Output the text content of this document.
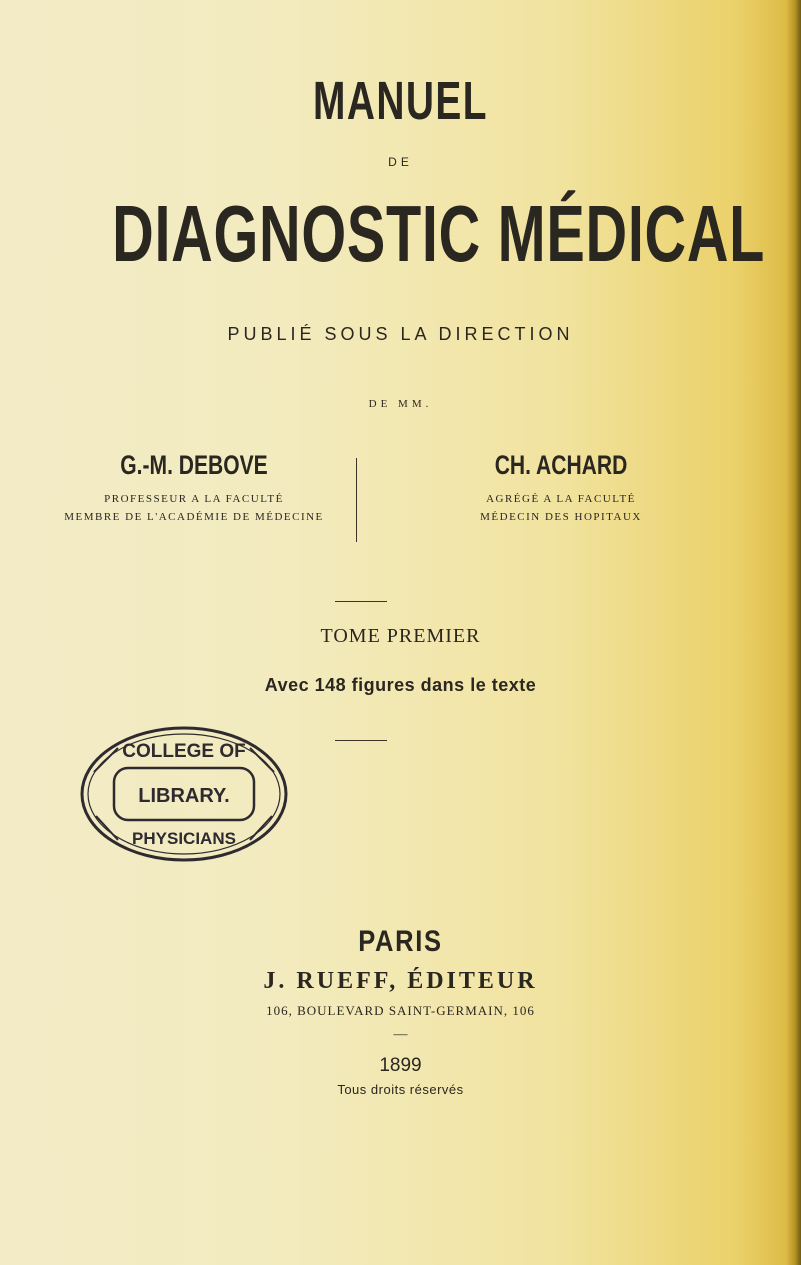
MANUEL
DE
DIAGNOSTIC MÉDICAL
PUBLIÉ SOUS LA DIRECTION
DE MM.
G.-M. DEBOVE
PROFESSEUR A LA FACULTÉ
MEMBRE DE L'ACADÉMIE DE MÉDECINE
CH. ACHARD
AGRÉGÉ A LA FACULTÉ
MÉDECIN DES HOPITAUX
TOME PREMIER
Avec 148 figures dans le texte
COLLEGE OF
LIBRARY.
PHYSICIANS
PARIS
J. RUEFF, ÉDITEUR
106, BOULEVARD SAINT-GERMAIN, 106
—
1899
Tous droits réservés
